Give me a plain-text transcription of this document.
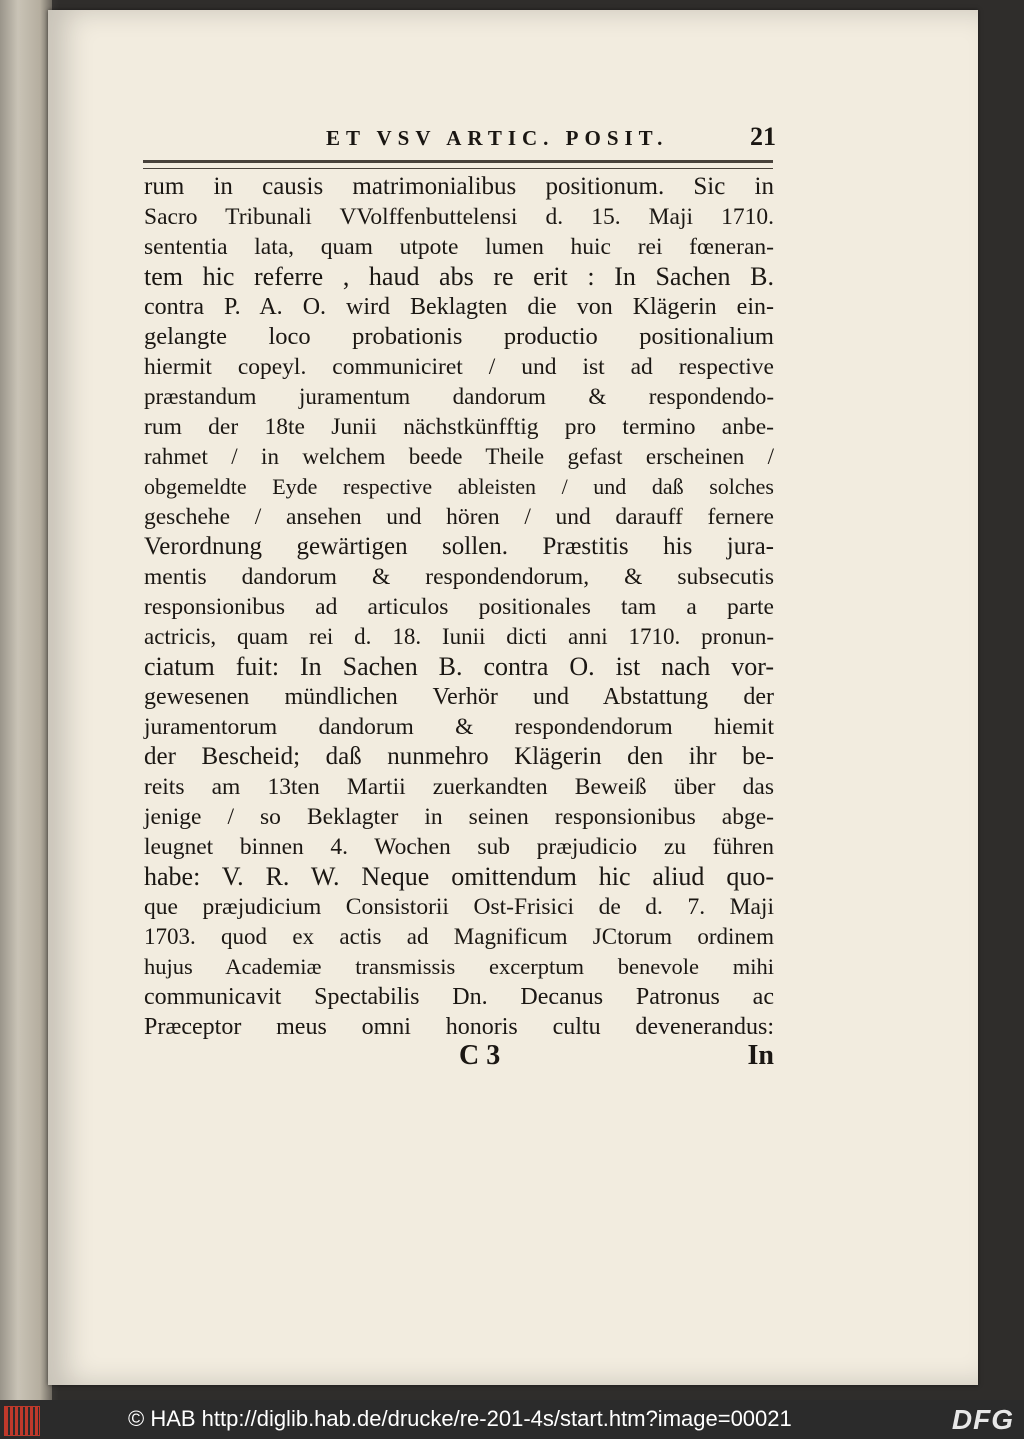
ET VSV ARTIC. POSIT.	21
rum in causis matrimonialibus positionum. Sic in
Sacro Tribunali VVolffenbuttelensi d. 15. Maji 1710.
sententia lata, quam utpote lumen huic rei fœneran-
tem hic referre , haud abs re erit : In Sachen B.
contra P. A. O. wird Beklagten die von Klägerin ein-
gelangte loco probationis productio positionalium
hiermit copeyl. communiciret / und ist ad respective
præstandum juramentum dandorum & respondendo-
rum der 18te Junii nächstkünfftig pro termino anbe-
rahmet / in welchem beede Theile gefast erscheinen /
obgemeldte Eyde respective ableisten / und daß solches
geschehe / ansehen und hören / und darauff fernere
Verordnung gewärtigen sollen. Præstitis his jura-
mentis dandorum & respondendorum, & subsecutis
responsionibus ad articulos positionales tam a parte
actricis, quam rei d. 18. Iunii dicti anni 1710. pronun-
ciatum fuit: In Sachen B. contra O. ist nach vor-
gewesenen mündlichen Verhör und Abstattung der
juramentorum dandorum & respondendorum hiemit
der Bescheid; daß nunmehro Klägerin den ihr be-
reits am 13ten Martii zuerkandten Beweiß über das
jenige / so Beklagter in seinen responsionibus abge-
leugnet binnen 4. Wochen sub præjudicio zu führen
habe: V. R. W. Neque omittendum hic aliud quo-
que præjudicium Consistorii Ost-Frisici de d. 7. Maji
1703. quod ex actis ad Magnificum JCtorum ordinem
hujus Academiæ transmissis excerptum benevole mihi
communicavit Spectabilis Dn. Decanus Patronus ac
Præceptor meus omni honoris cultu devenerandus:
C 3	In
© HAB http://diglib.hab.de/drucke/re-201-4s/start.htm?image=00021	DFG
